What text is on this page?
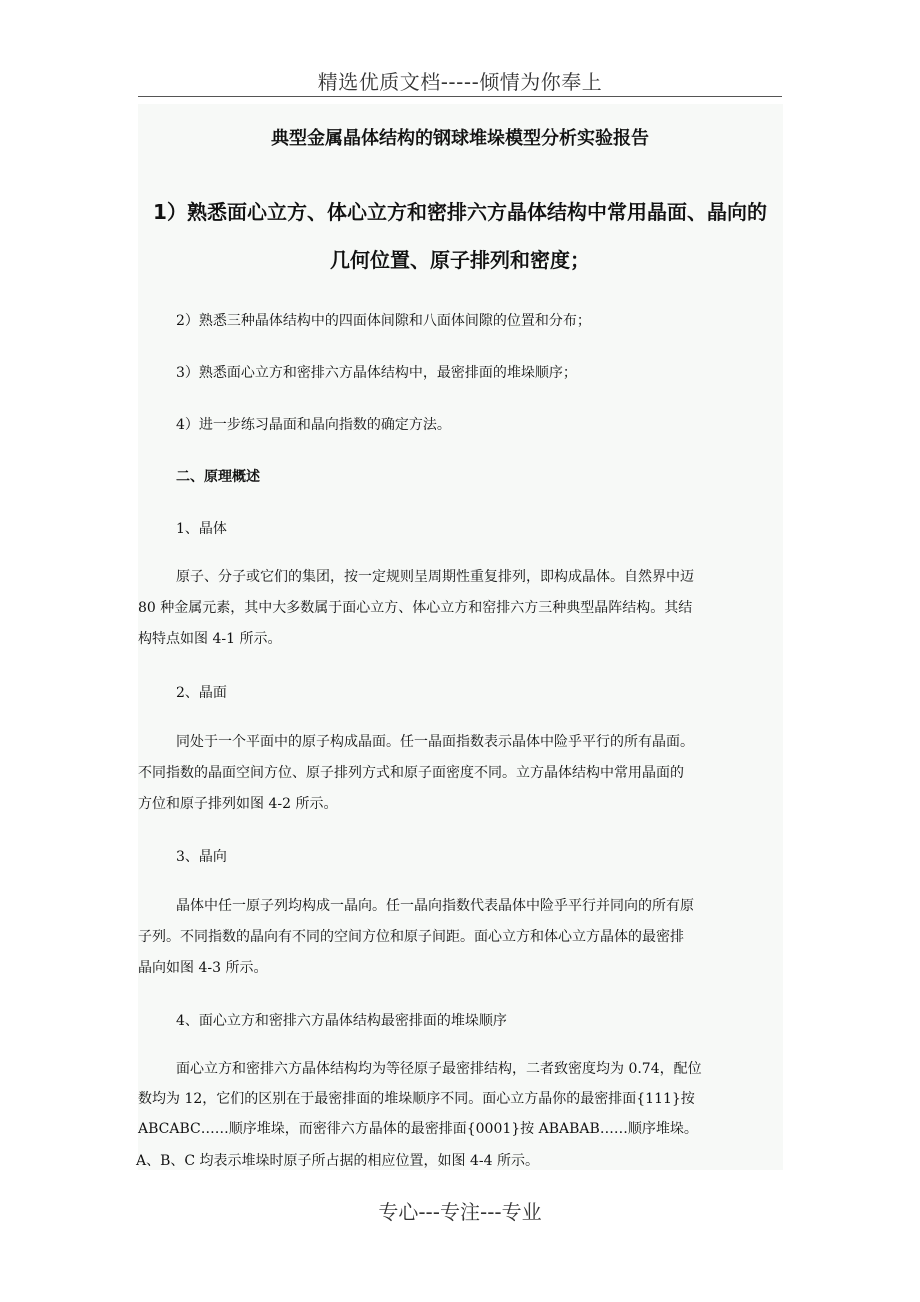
精选优质文档-----倾情为你奉上
典型金属晶体结构的钢球堆垛模型分析实验报告
1）熟悉面心立方、体心立方和密排六方晶体结构中常用晶面、晶向的
几何位置、原子排列和密度；
2）熟悉三种晶体结构中的四面体间隙和八面体间隙的位置和分布；
3）熟悉面心立方和密排六方晶体结构中，最密排面的堆垛顺序；
4）进一步练习晶面和晶向指数的确定方法。
二、原理概述
1、晶体
原子、分子或它们的集团，按一定规则呈周期性重复排列，即构成晶体。自然界中迈
80 种金属元素，其中大多数属于面心立方、体心立方和窑排六方三种典型晶阵结构。其结
构特点如图 4-1 所示。
2、晶面
同处于一个平面中的原子构成晶面。任一晶面指数表示晶体中险乎平行的所有晶面。
不同指数的晶面空间方位、原子排列方式和原子面密度不同。立方晶体结构中常用晶面的
方位和原子排列如图 4-2 所示。
3、晶向
晶体中任一原子列均构成一晶向。任一晶向指数代表晶体中险乎平行并同向的所有原
子列。不同指数的晶向有不同的空间方位和原子间距。面心立方和体心立方晶体的最密排
晶向如图 4-3 所示。
4、面心立方和密排六方晶体结构最密排面的堆垛顺序
面心立方和密排六方晶体结构均为等径原子最密排结构，二者致密度均为 0.74，配位
数均为 12，它们的区别在于最密排面的堆垛顺序不同。面心立方晶你的最密排面{111}按
ABCABC……顺序堆垛，而密徘六方晶体的最密排面{0001}按 ABABAB……顺序堆垛。
A、B、C 均表示堆垛时原子所占据的相应位置，如图 4-4 所示。
专心---专注---专业
